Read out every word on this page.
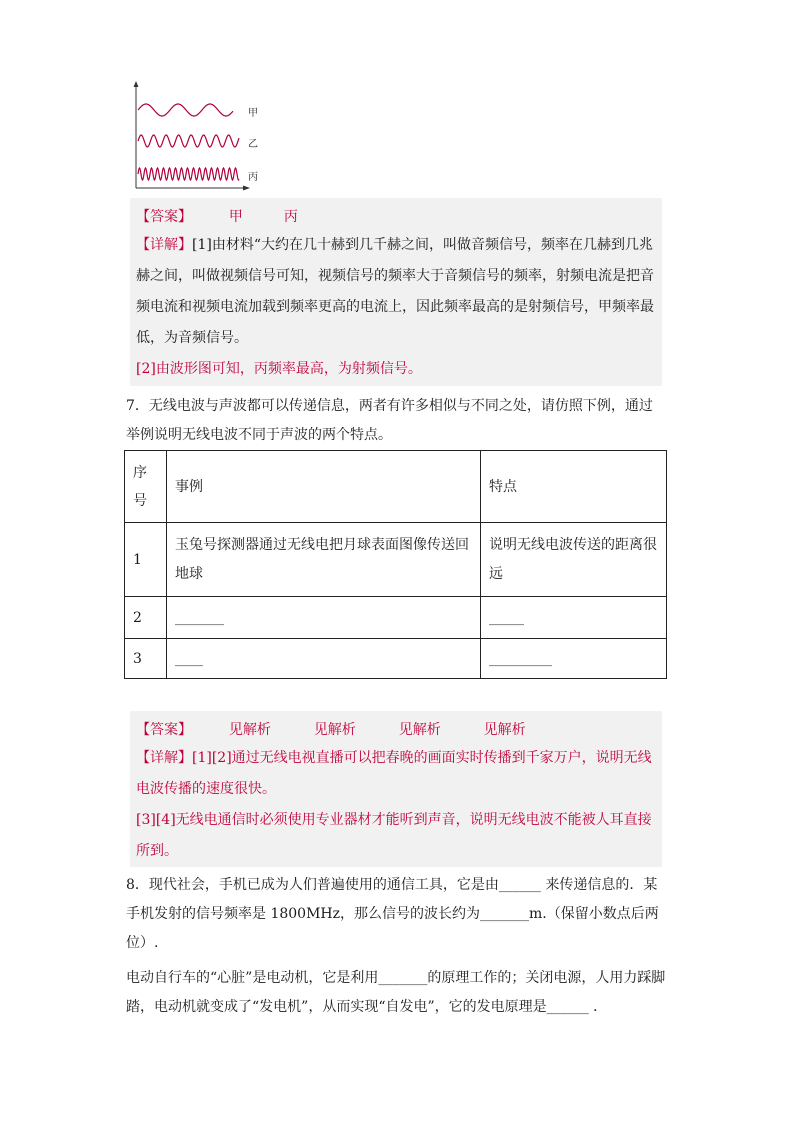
甲
乙
丙
【答案】	甲	丙
【详解】[1]由材料“大约在几十赫到几千赫之间，叫做音频信号，频率在几赫到几兆赫之间，叫做视频信号可知，视频信号的频率大于音频信号的频率，射频电流是把音频电流和视频电流加载到频率更高的电流上，因此频率最高的是射频信号，甲频率最低，为音频信号。
[2]由波形图可知，丙频率最高，为射频信号。
7．无线电波与声波都可以传递信息，两者有许多相似与不同之处，请仿照下例，通过举例说明无线电波不同于声波的两个特点。
序号	事例	特点
1	玉兔号探测器通过无线电把月球表面图像传送回地球	说明无线电波传送的距离很远
2	_______	_____
3	____	_________
【答案】	见解析	见解析	见解析	见解析
【详解】[1][2]通过无线电视直播可以把春晚的画面实时传播到千家万户，说明无线电波传播的速度很快。
[3][4]无线电通信时必须使用专业器材才能听到声音，说明无线电波不能被人耳直接所到。
8．现代社会，手机已成为人们普遍使用的通信工具，它是由______ 来传递信息的．某手机发射的信号频率是 1800MHz，那么信号的波长约为_______m.（保留小数点后两位）.
电动自行车的“心脏”是电动机，它是利用_______的原理工作的；关闭电源，人用力踩脚踏，电动机就变成了“发电机”，从而实现“自发电”，它的发电原理是______ ．
